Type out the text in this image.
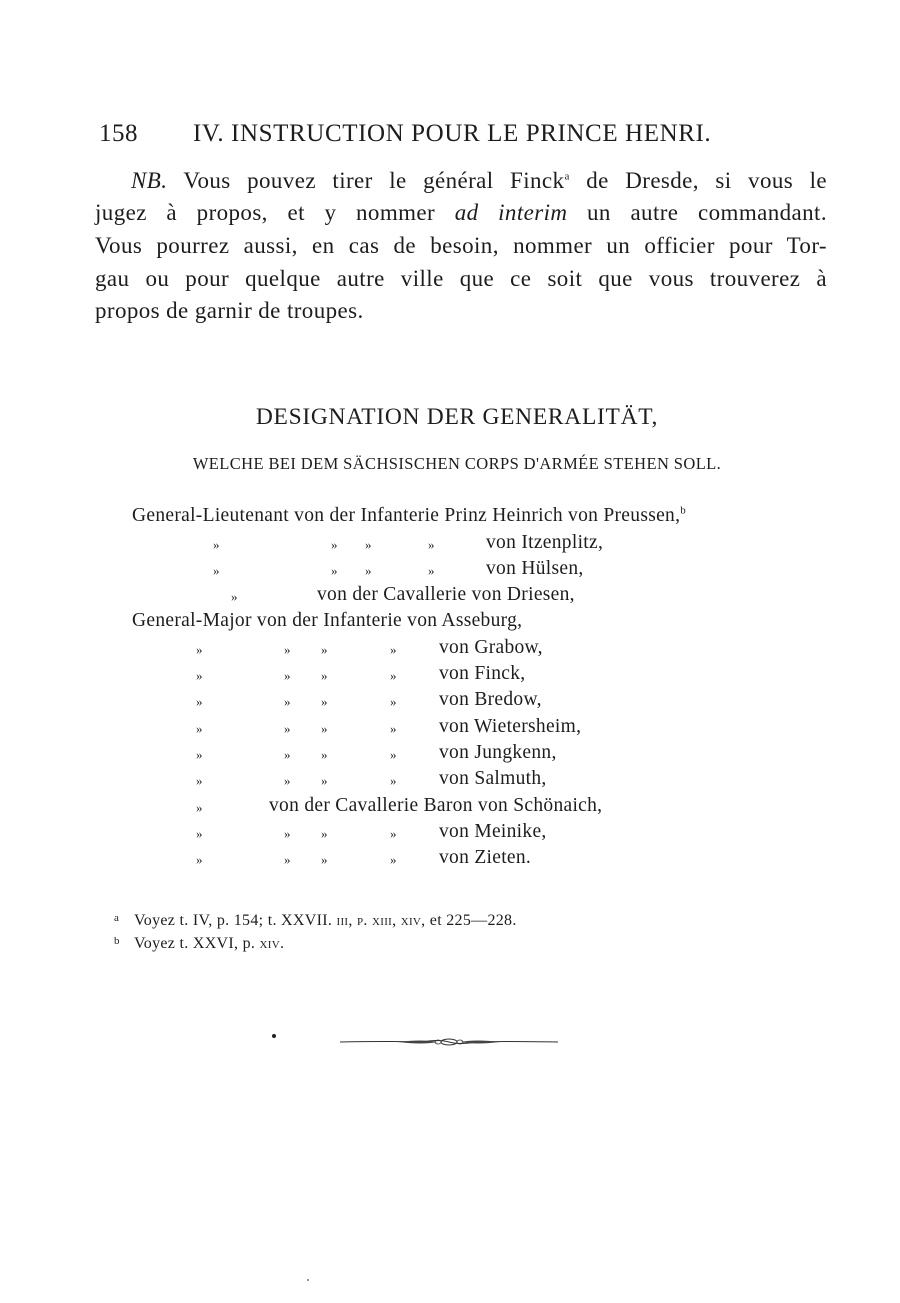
158 IV. INSTRUCTION POUR LE PRINCE HENRI.
NB. Vous pouvez tirer le général Finck$^a$ de Dresde, si vous le
jugez à propos, et y nommer ad interim un autre commandant.
Vous pourrez aussi, en cas de besoin, nommer un officier pour Tor-
gau ou pour quelque autre ville que ce soit que vous trouverez à
propos de garnir de troupes.
DESIGNATION DER GENERALITÄT,
WELCHE BEI DEM SÄCHSISCHEN CORPS D'ARMÉE STEHEN SOLL.
General-Lieutenant von der Infanterie Prinz Heinrich von Preussen,$^b$
»	» »	»	von Itzenplitz,
»	» »	»	von Hülsen,
»	von der Cavallerie von Driesen,
General-Major von der Infanterie von Asseburg,
»	» »	» von Grabow,
»	» »	» von Finck,
»	» »	» von Bredow,
»	» »	» von Wietersheim,
»	» »	» von Jungkenn,
»	» »	» von Salmuth,
»	von der Cavallerie Baron von Schönaich,
»	» »	» von Meinike,
»	» »	» von Zieten.
a Voyez t. IV, p. 154; t. XXVII. iii, p. xiii, xiv, et 225—228.
b Voyez t. XXVI, p. xiv.
